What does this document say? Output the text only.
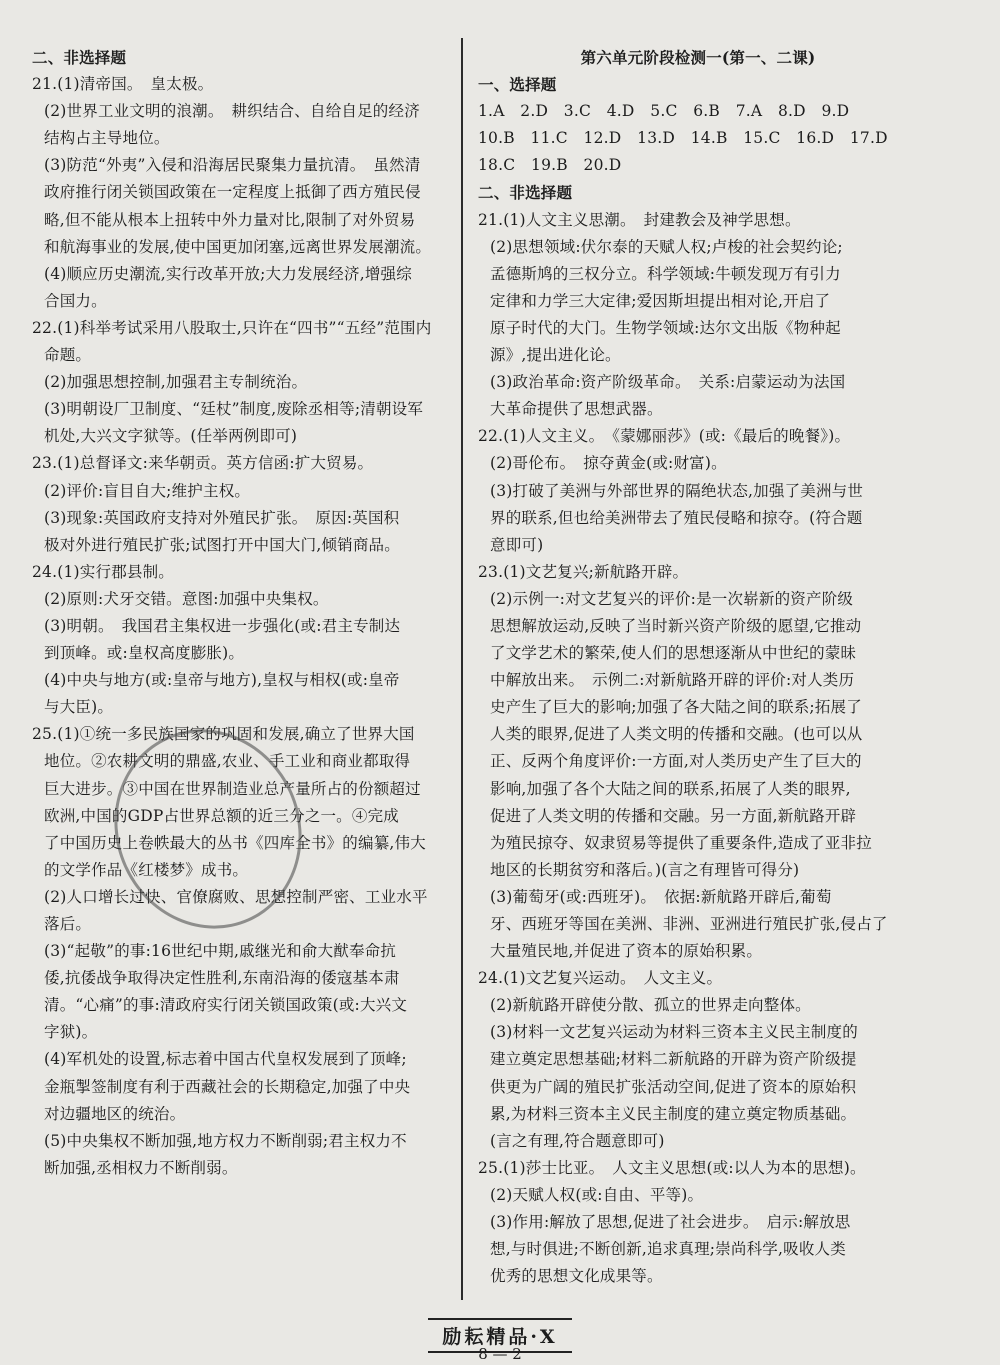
二、非选择题
21.(1)清帝国。　皇太极。
(2)世界工业文明的浪潮。　耕织结合、自给自足的经济
结构占主导地位。
(3)防范“外夷”入侵和沿海居民聚集力量抗清。　虽然清
政府推行闭关锁国政策在一定程度上抵御了西方殖民侵
略,但不能从根本上扭转中外力量对比,限制了对外贸易
和航海事业的发展,使中国更加闭塞,远离世界发展潮流。
(4)顺应历史潮流,实行改革开放;大力发展经济,增强综
合国力。
22.(1)科举考试采用八股取士,只许在“四书”“五经”范围内
命题。
(2)加强思想控制,加强君主专制统治。
(3)明朝设厂卫制度、“廷杖”制度,废除丞相等;清朝设军
机处,大兴文字狱等。(任举两例即可)
23.(1)总督译文:来华朝贡。英方信函:扩大贸易。
(2)评价:盲目自大;维护主权。
(3)现象:英国政府支持对外殖民扩张。　原因:英国积
极对外进行殖民扩张;试图打开中国大门,倾销商品。
24.(1)实行郡县制。
(2)原则:犬牙交错。意图:加强中央集权。
(3)明朝。　我国君主集权进一步强化(或:君主专制达
到顶峰。或:皇权高度膨胀)。
(4)中央与地方(或:皇帝与地方),皇权与相权(或:皇帝
与大臣)。
25.(1)①统一多民族国家的巩固和发展,确立了世界大国
地位。②农耕文明的鼎盛,农业、手工业和商业都取得
巨大进步。③中国在世界制造业总产量所占的份额超过
欧洲,中国的GDP占世界总额的近三分之一。④完成
了中国历史上卷帙最大的丛书《四库全书》的编纂,伟大
的文学作品《红楼梦》成书。
(2)人口增长过快、官僚腐败、思想控制严密、工业水平
落后。
(3)“起敬”的事:16世纪中期,戚继光和俞大猷奉命抗
倭,抗倭战争取得决定性胜利,东南沿海的倭寇基本肃
清。“心痛”的事:清政府实行闭关锁国政策(或:大兴文
字狱)。
(4)军机处的设置,标志着中国古代皇权发展到了顶峰;
金瓶掣签制度有利于西藏社会的长期稳定,加强了中央
对边疆地区的统治。
(5)中央集权不断加强,地方权力不断削弱;君主权力不
断加强,丞相权力不断削弱。
第六单元阶段检测一(第一、二课)
一、选择题
1.A　2.D　3.C　4.D　5.C　6.B　7.A　8.D　9.D
10.B　11.C　12.D　13.D　14.B　15.C　16.D　17.D
18.C　19.B　20.D
二、非选择题
21.(1)人文主义思潮。　封建教会及神学思想。
(2)思想领域:伏尔泰的天赋人权;卢梭的社会契约论;
孟德斯鸠的三权分立。科学领域:牛顿发现万有引力
定律和力学三大定律;爱因斯坦提出相对论,开启了
原子时代的大门。生物学领域:达尔文出版《物种起
源》,提出进化论。
(3)政治革命:资产阶级革命。　关系:启蒙运动为法国
大革命提供了思想武器。
22.(1)人文主义。　《蒙娜丽莎》(或:《最后的晚餐》)。
(2)哥伦布。　掠夺黄金(或:财富)。
(3)打破了美洲与外部世界的隔绝状态,加强了美洲与世
界的联系,但也给美洲带去了殖民侵略和掠夺。(符合题
意即可)
23.(1)文艺复兴;新航路开辟。
(2)示例一:对文艺复兴的评价:是一次崭新的资产阶级
思想解放运动,反映了当时新兴资产阶级的愿望,它推动
了文学艺术的繁荣,使人们的思想逐渐从中世纪的蒙昧
中解放出来。　示例二:对新航路开辟的评价:对人类历
史产生了巨大的影响;加强了各大陆之间的联系;拓展了
人类的眼界,促进了人类文明的传播和交融。(也可以从
正、反两个角度评价:一方面,对人类历史产生了巨大的
影响,加强了各个大陆之间的联系,拓展了人类的眼界,
促进了人类文明的传播和交融。另一方面,新航路开辟
为殖民掠夺、奴隶贸易等提供了重要条件,造成了亚非拉
地区的长期贫穷和落后。)(言之有理皆可得分)
(3)葡萄牙(或:西班牙)。　依据:新航路开辟后,葡萄
牙、西班牙等国在美洲、非洲、亚洲进行殖民扩张,侵占了
大量殖民地,并促进了资本的原始积累。
24.(1)文艺复兴运动。　人文主义。
(2)新航路开辟使分散、孤立的世界走向整体。
(3)材料一文艺复兴运动为材料三资本主义民主制度的
建立奠定思想基础;材料二新航路的开辟为资产阶级提
供更为广阔的殖民扩张活动空间,促进了资本的原始积
累,为材料三资本主义民主制度的建立奠定物质基础。
(言之有理,符合题意即可)
25.(1)莎士比亚。　人文主义思想(或:以人为本的思想)。
(2)天赋人权(或:自由、平等)。
(3)作用:解放了思想,促进了社会进步。　启示:解放思
想,与时俱进;不断创新,追求真理;崇尚科学,吸收人类
优秀的思想文化成果等。
励耘精品·X
8 — 2
